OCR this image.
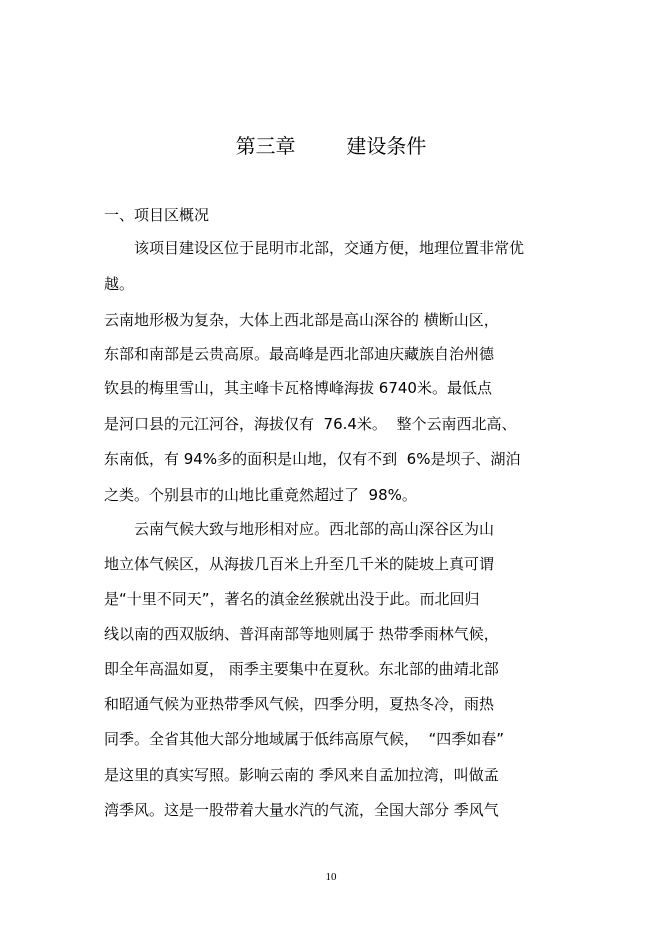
第三章        建设条件
一、项目区概况
该项目建设区位于昆明市北部，交通方便，地理位置非常优
越。
云南地形极为复杂，大体上西北部是高山深谷的 横断山区，
东部和南部是云贵高原。最高峰是西北部迪庆藏族自治州德
钦县的梅里雪山，其主峰卡瓦格博峰海拔 6740米。最低点
是河口县的元江河谷，海拔仅有  76.4米。  整个云南西北高、
东南低，有 94%多的面积是山地，仅有不到  6%是坝子、湖泊
之类。个别县市的山地比重竟然超过了  98%。
云南气候大致与地形相对应。西北部的高山深谷区为山
地立体气候区，从海拔几百米上升至几千米的陡坡上真可谓
是“十里不同天”，著名的滇金丝猴就出没于此。而北回归
线以南的西双版纳、普洱南部等地则属于 热带季雨林气候，
即全年高温如夏， 雨季主要集中在夏秋。东北部的曲靖北部
和昭通气候为亚热带季风气候，四季分明，夏热冬冷，雨热
同季。全省其他大部分地域属于低纬高原气候，  “四季如春”
是这里的真实写照。影响云南的 季风来自孟加拉湾，叫做孟
湾季风。这是一股带着大量水汽的气流，全国大部分 季风气
10
